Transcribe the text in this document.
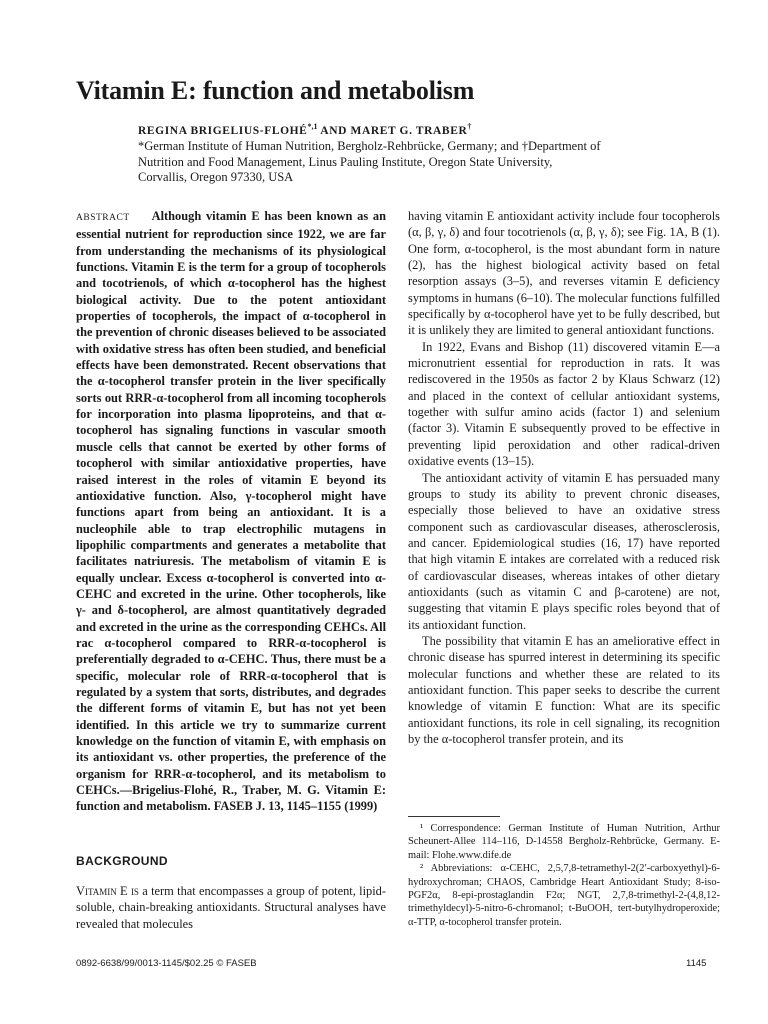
Vitamin E: function and metabolism
REGINA BRIGELIUS-$FLOHÉ^{*,1}$ AND MARET G. TRABER†

*German Institute of Human Nutrition, Bergholz-Rehbrücke, Germany; and †Department of

Nutrition and Food Management, Linus Pauling Institute, Oregon State University,

Corvallis, Oregon 97330, USA

ABSTRACT Although vitamin E has been known as an essential nutrient for reproduction since 1922, we are far from understanding the mechanisms of its physiological functions. Vitamin E is the term for a group of tocopherols and tocotrienols, of which α-tocopherol has the highest biological activity. Due to the potent antioxidant properties of tocopherols, the impact of α-tocopherol in the prevention of chronic diseases believed to be associated with oxidative stress has often been studied, and beneficial effects have been demonstrated. Recent observations that the α-tocopherol transfer protein in the liver specifically sorts out RRR-α-tocopherol from all incoming tocopherols for incorporation into plasma lipoproteins, and that α-tocopherol has signaling functions in vascular smooth muscle cells that cannot be exerted by other forms of tocopherol with similar antioxidative properties, have raised interest in the roles of vitamin E beyond its antioxidative function. Also, γ-tocopherol might have functions apart from being an antioxidant. It is a nucleophile able to trap electrophilic mutagens in lipophilic compartments and generates a metabolite that facilitates natriuresis. The metabolism of vitamin E is equally unclear. Excess α-tocopherol is converted into α-CEHC and excreted in the urine. Other tocopherols, like γ- and δ-tocopherol, are almost quantitatively degraded and excreted in the urine as the corresponding CEHCs. All rac α-tocopherol compared to RRR-α-tocopherol is preferentially degraded to α-CEHC. Thus, there must be a specific, molecular role of RRR-α-tocopherol that is regulated by a system that sorts, distributes, and degrades the different forms of vitamin E, but has not yet been identified. In this article we try to summarize current knowledge on the function of vitamin E, with emphasis on its antioxidant vs. other properties, the preference of the organism for RRR-α-tocopherol, and its metabolism to CEHCs.—Brigelius-Flohé, R., Traber, M. G. Vitamin E: function and metabolism. FASEB J. 13, 1145–1155 (1999)

BACKGROUND

Vitamin E is a term that encompasses a group of potent, lipid-soluble, chain-breaking antioxidants. Structural analyses have revealed that molecules

having vitamin E antioxidant activity include four tocopherols (α, β, γ, δ) and four tocotrienols (α, β, γ, δ); see Fig. 1A, B (1). One form, α-tocopherol, is the most abundant form in nature (2), has the highest biological activity based on fetal resorption assays (3–5), and reverses vitamin E deficiency symptoms in humans (6–10). The molecular functions fulfilled specifically by α-tocopherol have yet to be fully described, but it is unlikely they are limited to general antioxidant functions.

In 1922, Evans and Bishop (11) discovered vitamin E—a micronutrient essential for reproduction in rats. It was rediscovered in the 1950s as factor 2 by Klaus Schwarz (12) and placed in the context of cellular antioxidant systems, together with sulfur amino acids (factor 1) and selenium (factor 3). Vitamin E subsequently proved to be effective in preventing lipid peroxidation and other radical-driven oxidative events (13–15).

The antioxidant activity of vitamin E has persuaded many groups to study its ability to prevent chronic diseases, especially those believed to have an oxidative stress component such as cardiovascular diseases, atherosclerosis, and cancer. Epidemiological studies (16, 17) have reported that high vitamin E intakes are correlated with a reduced risk of cardiovascular diseases, whereas intakes of other dietary antioxidants (such as vitamin C and β-carotene) are not, suggesting that vitamin E plays specific roles beyond that of its antioxidant function.

The possibility that vitamin E has an ameliorative effect in chronic disease has spurred interest in determining its specific molecular functions and whether these are related to its antioxidant function. This paper seeks to describe the current knowledge of vitamin E function: What are its specific antioxidant functions, its role in cell signaling, its recognition by the α-tocopherol transfer protein, and its

¹ Correspondence: German Institute of Human Nutrition, Arthur Scheunert-Allee 114–116, D-14558 Bergholz-Rehbrücke, Germany. E-mail: Flohe.www.dife.de

² Abbreviations: α-CEHC, 2,5,7,8-tetramethyl-2(2′-carboxyethyl)-6-hydroxychroman; CHAOS, Cambridge Heart Antioxidant Study; 8-iso-PGF2α, 8-epi-prostaglandin F2α; NGT, 2,7,8-trimethyl-2-(4,8,12-trimethyldecyl)-5-nitro-6-chromanol; t-BuOOH, tert-butylhydroperoxide; α-TTP, α-tocopherol transfer protein.

0892-6638/99/0013-1145/$02.25 © FASEB	1145
